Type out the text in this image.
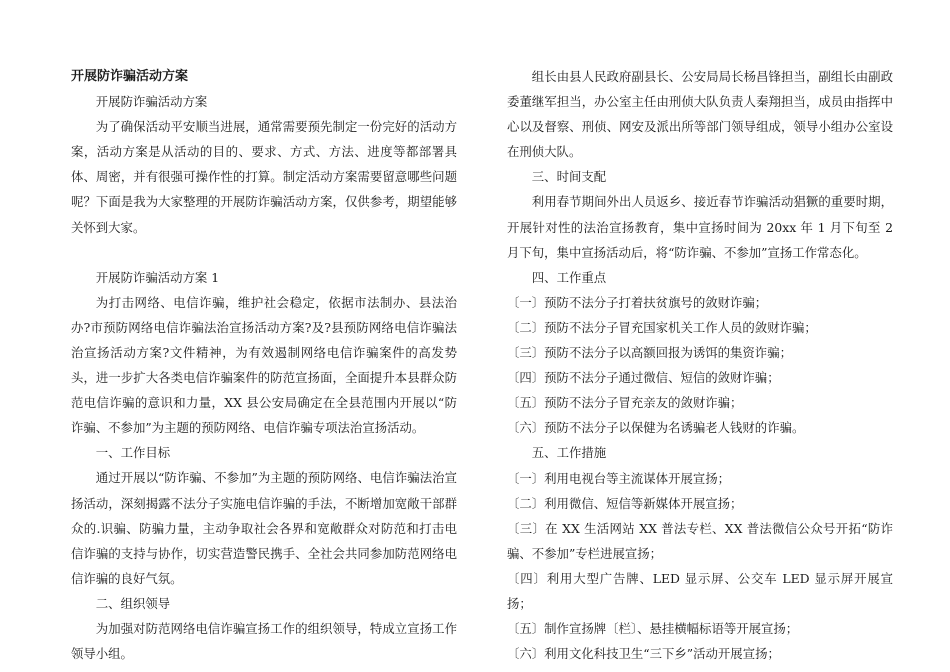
开展防诈骗活动方案

开展防诈骗活动方案

为了确保活动平安顺当进展，通常需要预先制定一份完好的活动方案，活动方案是从活动的目的、要求、方式、方法、进度等都部署具体、周密，并有很强可操作性的打算。制定活动方案需要留意哪些问题呢？下面是我为大家整理的开展防诈骗活动方案，仅供参考，期望能够关怀到大家。

开展防诈骗活动方案 1

为打击网络、电信诈骗，维护社会稳定，依据市法制办、县法治办?市预防网络电信诈骗法治宣扬活动方案?及?县预防网络电信诈骗法治宣扬活动方案?文件精神，为有效遏制网络电信诈骗案件的高发势头，进一步扩大各类电信诈骗案件的防范宣扬面，全面提升本县群众防范电信诈骗的意识和力量，XX 县公安局确定在全县范围内开展以“防诈骗、不参加”为主题的预防网络、电信诈骗专项法治宣扬活动。

一、工作目标

通过开展以“防诈骗、不参加”为主题的预防网络、电信诈骗法治宣扬活动，深刻揭露不法分子实施电信诈骗的手法，不断增加宽敞干部群众的.识骗、防骗力量，主动争取社会各界和宽敞群众对防范和打击电信诈骗的支持与协作，切实营造警民携手、全社会共同参加防范网络电信诈骗的良好气氛。

二、组织领导

为加强对防范网络电信诈骗宣扬工作的组织领导，特成立宣扬工作领导小组。

组长由县人民政府副县长、公安局局长杨昌锋担当，副组长由副政委董继军担当，办公室主任由刑侦大队负责人秦翔担当，成员由指挥中心以及督察、刑侦、网安及派出所等部门领导组成，领导小组办公室设在刑侦大队。

三、时间支配

利用春节期间外出人员返乡、接近春节诈骗活动猖獗的重要时期，开展针对性的法治宣扬教育，集中宣扬时间为 20xx 年 1 月下旬至 2 月下旬，集中宣扬活动后，将“防诈骗、不参加”宣扬工作常态化。

四、工作重点

〔一〕预防不法分子打着扶贫旗号的敛财诈骗；

〔二〕预防不法分子冒充国家机关工作人员的敛财诈骗；

〔三〕预防不法分子以高额回报为诱饵的集资诈骗；

〔四〕预防不法分子通过微信、短信的敛财诈骗；

〔五〕预防不法分子冒充亲友的敛财诈骗；

〔六〕预防不法分子以保健为名诱骗老人钱财的诈骗。

五、工作措施

〔一〕利用电视台等主流谋体开展宣扬；

〔二〕利用微信、短信等新媒体开展宣扬；

〔三〕在 XX 生活网站 XX 普法专栏、XX 普法微信公众号开拓“防诈骗、不参加”专栏进展宣扬；

〔四〕利用大型广告牌、LED 显示屏、公交车 LED 显示屏开展宣扬；

〔五〕制作宣扬牌〔栏〕、悬挂横幅标语等开展宣扬；

〔六〕利用文化科技卫生“三下乡”活动开展宣扬；
